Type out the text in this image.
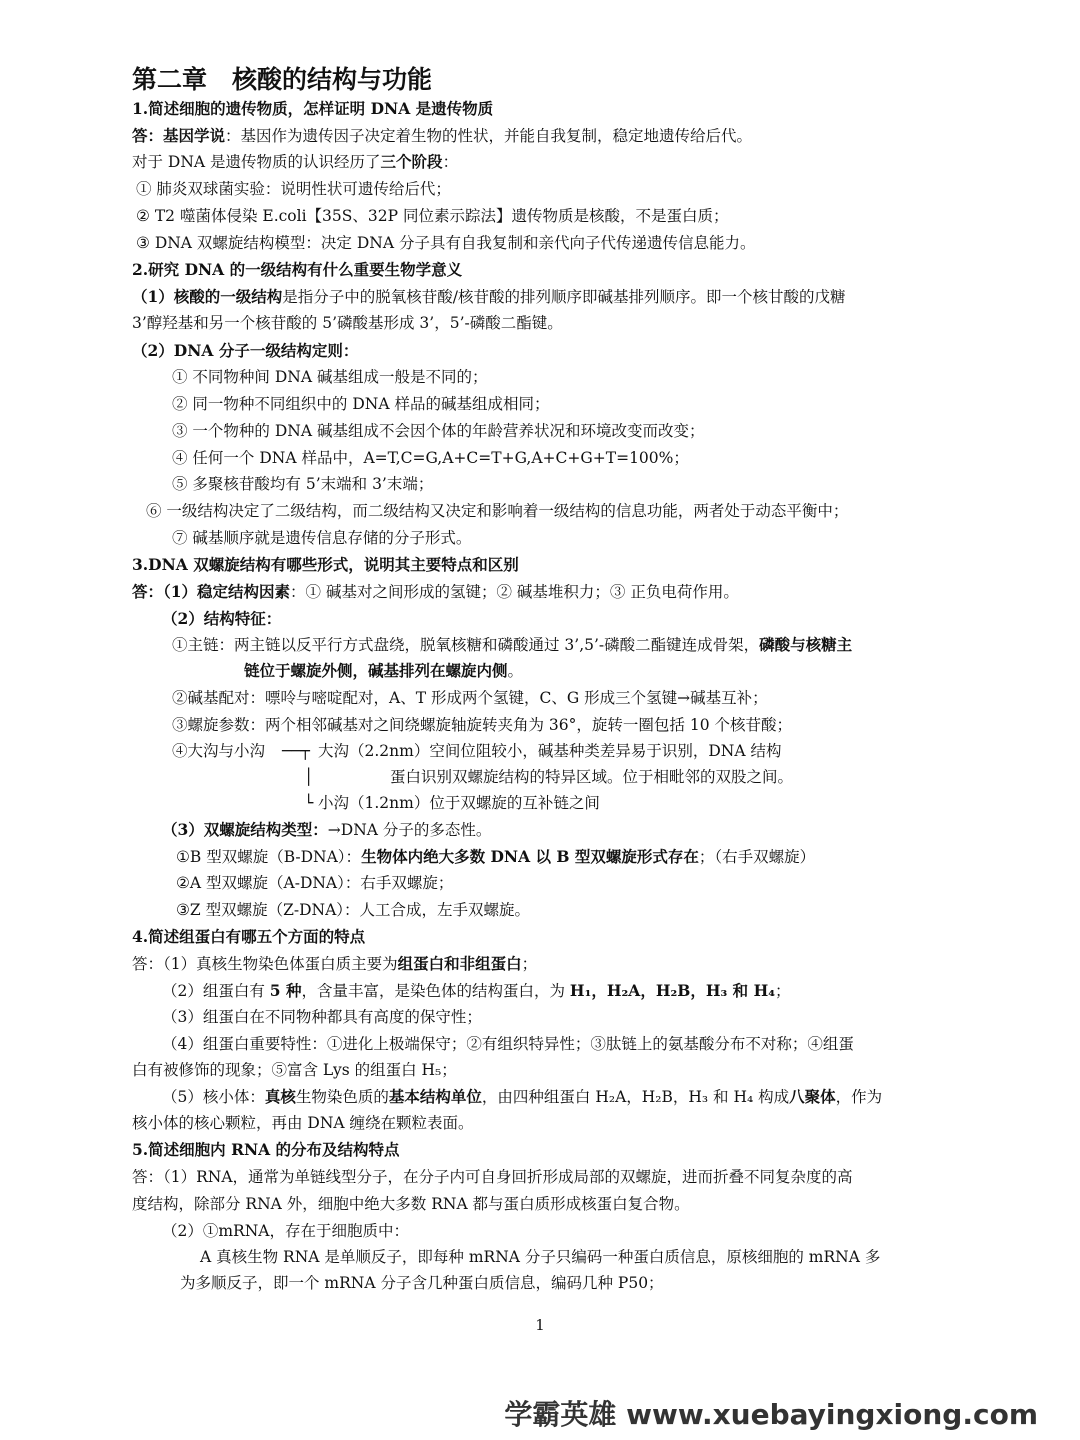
第二章　核酸的结构与功能
1.简述细胞的遗传物质，怎样证明 DNA 是遗传物质
答：基因学说：基因作为遗传因子决定着生物的性状，并能自我复制，稳定地遗传给后代。
对于 DNA 是遗传物质的认识经历了三个阶段：
① 肺炎双球菌实验：说明性状可遗传给后代；
② T2 噬菌体侵染 E.coli【35S、32P 同位素示踪法】遗传物质是核酸，不是蛋白质；
③ DNA 双螺旋结构模型：决定 DNA 分子具有自我复制和亲代向子代传递遗传信息能力。
2.研究 DNA 的一级结构有什么重要生物学意义
（1）核酸的一级结构是指分子中的脱氧核苷酸/核苷酸的排列顺序即碱基排列顺序。即一个核甘酸的戊糖
3’醇羟基和另一个核苷酸的 5’磷酸基形成 3’，5’-磷酸二酯键。
（2）DNA 分子一级结构定则：
① 不同物种间 DNA 碱基组成一般是不同的；
② 同一物种不同组织中的 DNA 样品的碱基组成相同；
③ 一个物种的 DNA 碱基组成不会因个体的年龄营养状况和环境改变而改变；
④ 任何一个 DNA 样品中，A=T,C=G,A+C=T+G,A+C+G+T=100%；
⑤ 多聚核苷酸均有 5’末端和 3’末端；
⑥ 一级结构决定了二级结构，而二级结构又决定和影响着一级结构的信息功能，两者处于动态平衡中；
⑦ 碱基顺序就是遗传信息存储的分子形式。
3.DNA 双螺旋结构有哪些形式，说明其主要特点和区别
答：（1）稳定结构因素：① 碱基对之间形成的氢键；② 碱基堆积力；③ 正负电荷作用。
（2）结构特征：
①主链：两主链以反平行方式盘绕，脱氧核糖和磷酸通过 3’,5’-磷酸二酯键连成骨架，磷酸与核糖主
链位于螺旋外侧，碱基排列在螺旋内侧。
②碱基配对：嘌呤与嘧啶配对，A、T 形成两个氢键，C、G 形成三个氢键→碱基互补；
③螺旋参数：两个相邻碱基对之间绕螺旋轴旋转夹角为 36°，旋转一圈包括 10 个核苷酸；
④大沟与小沟 ──┬ 大沟（2.2nm）空间位阻较小，碱基种类差异易于识别，DNA 结构
│	蛋白识别双螺旋结构的特异区域。位于相毗邻的双股之间。
└ 小沟（1.2nm）位于双螺旋的互补链之间
（3）双螺旋结构类型：→DNA 分子的多态性。
①B 型双螺旋（B-DNA）：生物体内绝大多数 DNA 以 B 型双螺旋形式存在；（右手双螺旋）
②A 型双螺旋（A-DNA）：右手双螺旋；
③Z 型双螺旋（Z-DNA）：人工合成，左手双螺旋。
4.简述组蛋白有哪五个方面的特点
答：（1）真核生物染色体蛋白质主要为组蛋白和非组蛋白；
（2）组蛋白有 5 种，含量丰富，是染色体的结构蛋白，为 H₁，H₂A，H₂B，H₃ 和 H₄；
（3）组蛋白在不同物种都具有高度的保守性；
（4）组蛋白重要特性：①进化上极端保守；②有组织特异性；③肽链上的氨基酸分布不对称；④组蛋
白有被修饰的现象；⑤富含 Lys 的组蛋白 H₅；
（5）核小体：真核生物染色质的基本结构单位，由四种组蛋白 H₂A，H₂B，H₃ 和 H₄ 构成八聚体，作为
核小体的核心颗粒，再由 DNA 缠绕在颗粒表面。
5.简述细胞内 RNA 的分布及结构特点
答：（1）RNA，通常为单链线型分子，在分子内可自身回折形成局部的双螺旋，进而折叠不同复杂度的高
度结构，除部分 RNA 外，细胞中绝大多数 RNA 都与蛋白质形成核蛋白复合物。
（2）①mRNA，存在于细胞质中：
A 真核生物 RNA 是单顺反子，即每种 mRNA 分子只编码一种蛋白质信息，原核细胞的 mRNA 多
为多顺反子，即一个 mRNA 分子含几种蛋白质信息，编码几种 P50；
1
学霸英雄 www.xuebayingxiong.com
